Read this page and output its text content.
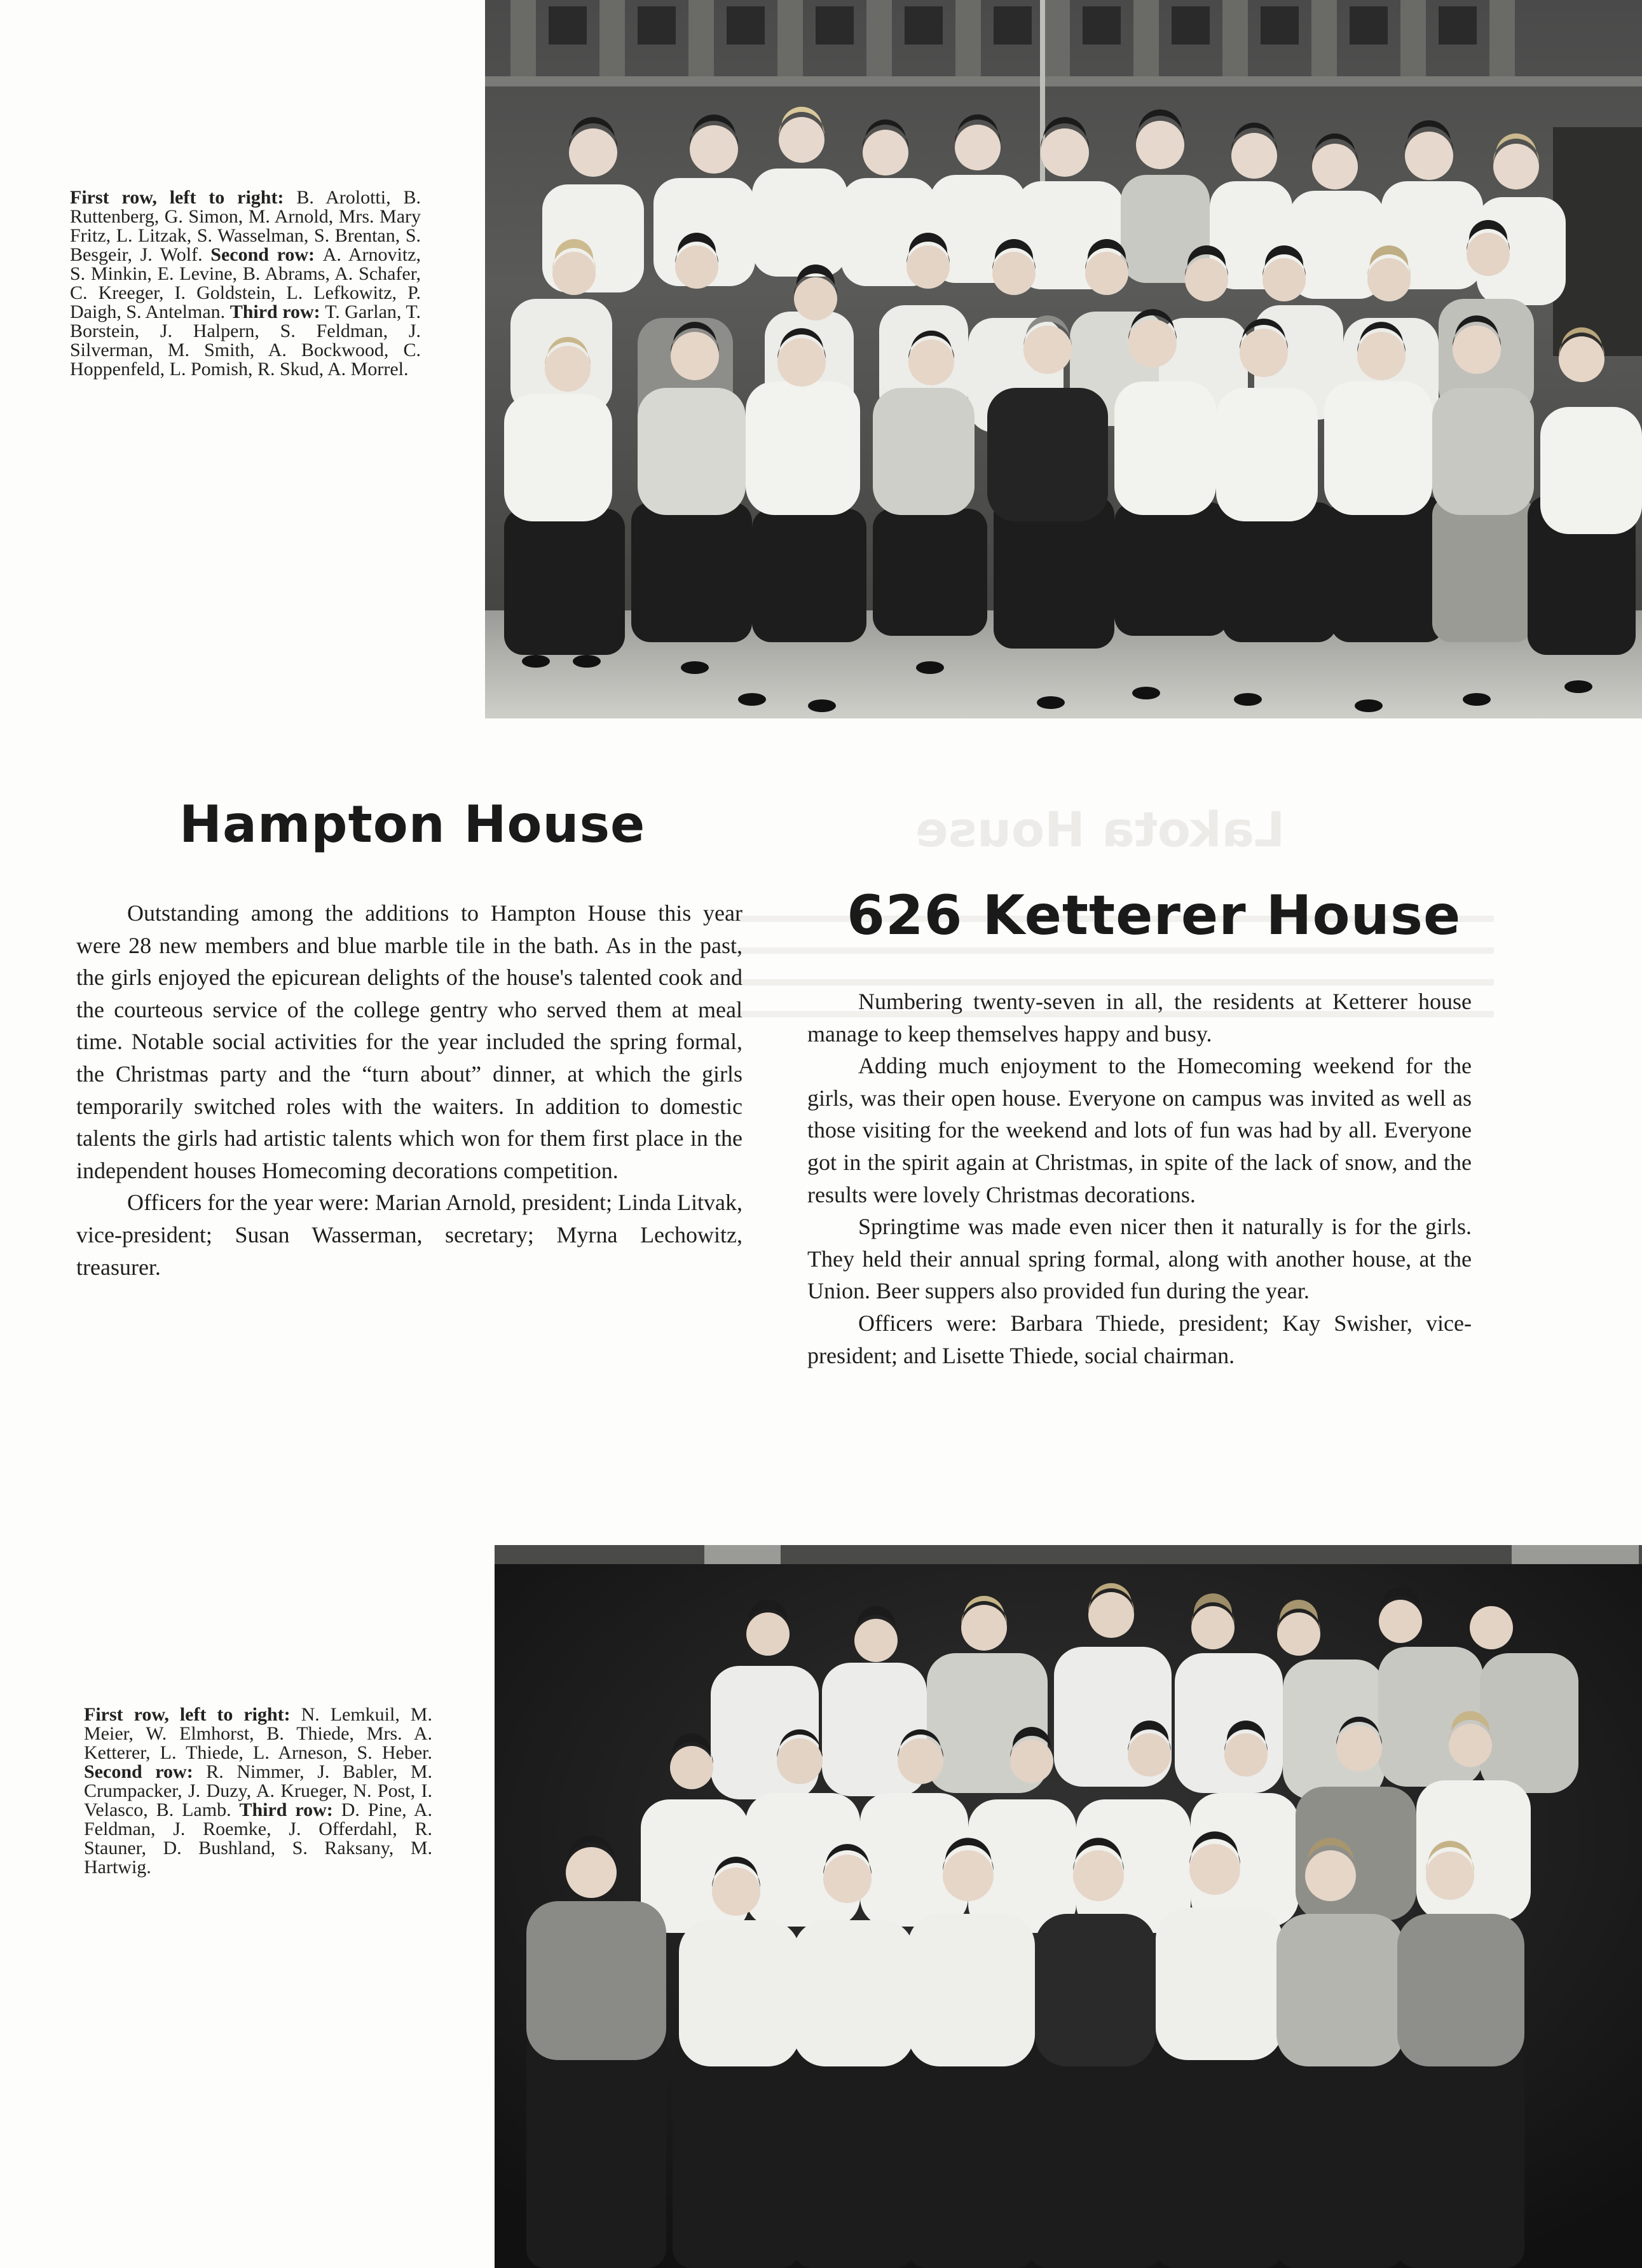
Lakota House
First row, left to right: B. Arolotti, B. Ruttenberg, G. Simon, M. Arnold, Mrs. Mary Fritz, L. Litzak, S. Wasselman, S. Brentan, S. Besgeir, J. Wolf. Second row: A. Arnovitz, S. Minkin, E. Levine, B. Abrams, A. Schafer, C. Kreeger, I. Goldstein, L. Lefkowitz, P. Daigh, S. Antelman. Third row: T. Garlan, T. Borstein, J. Halpern, S. Feldman, J. Silverman, M. Smith, A. Bockwood, C. Hoppenfeld, L. Pomish, R. Skud, A. Morrel.
Hampton House

Outstanding among the additions to Hampton House this year were 28 new members and blue marble tile in the bath. As in the past, the girls enjoyed the epicurean delights of the house's talented cook and the courteous service of the college gentry who served them at meal time. Notable social activities for the year included the spring formal, the Christmas party and the “turn about” dinner, at which the girls temporarily switched roles with the waiters. In addition to domestic talents the girls had artistic talents which won for them first place in the independent houses Homecoming decorations competition.

Officers for the year were: Marian Arnold, president; Linda Litvak, vice-president; Susan Wasserman, secretary; Myrna Lechowitz, treasurer.

626 Ketterer House

Numbering twenty-seven in all, the residents at Ketterer house manage to keep themselves happy and busy.

Adding much enjoyment to the Homecoming weekend for the girls, was their open house. Everyone on campus was invited as well as those visiting for the weekend and lots of fun was had by all. Everyone got in the spirit again at Christmas, in spite of the lack of snow, and the results were lovely Christmas decorations.

Springtime was made even nicer then it naturally is for the girls. They held their annual spring formal, along with another house, at the Union. Beer suppers also provided fun during the year.

Officers were: Barbara Thiede, president; Kay Swisher, vice-president; and Lisette Thiede, social chairman.

First row, left to right: N. Lemkuil, M. Meier, W. Elmhorst, B. Thiede, Mrs. A. Ketterer, L. Thiede, L. Arneson, S. Heber. Second row: R. Nimmer, J. Babler, M. Crumpacker, J. Duzy, A. Krueger, N. Post, I. Velasco, B. Lamb. Third row: D. Pine, A. Feldman, J. Roemke, J. Offerdahl, R. Stauner, D. Bushland, S. Raksany, M. Hartwig.
